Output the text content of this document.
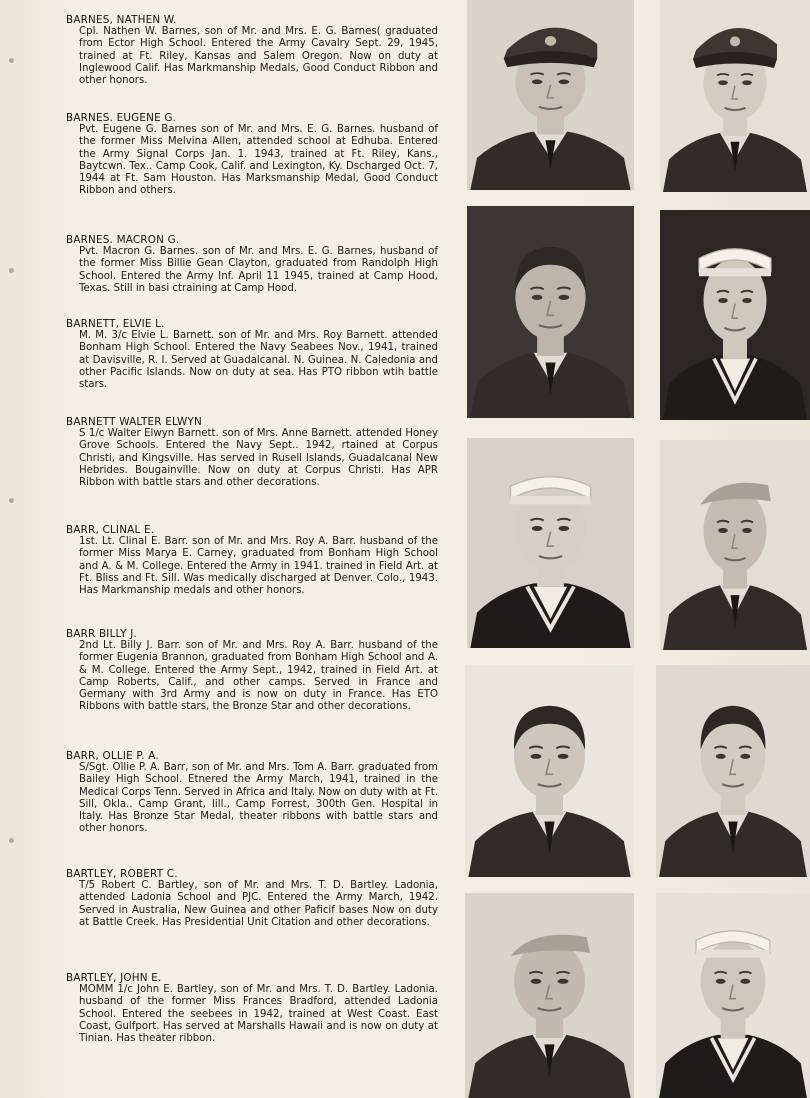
BARNES, NATHEN W.

Cpl. Nathen W. Barnes, son of Mr. and Mrs. E. G. Barnes( graduated from Ector High School. Entered the Army Cavalry Sept. 29, 1945, trained at Ft. Riley, Kansas and Salem Oregon. Now on duty at Inglewood Calif. Has Markmanship Medals, Good Conduct Ribbon and other honors.

BARNES. EUGENE G.

Pvt. Eugene G. Barnes son of Mr. and Mrs. E. G. Barnes. husband of the former Miss Melvina Allen, attended school at Edhuba. Entered the Army Signal Corps Jan. 1. 1943, trained at Ft. Riley, Kans., Baytcwn. Tex.. Camp Cook, Calif. and Lexington, Ky. Dscharged Oct. 7, 1944 at Ft. Sam Houston. Has Marksmanship Medal, Good Conduct Ribbon and others.

BARNES. MACRON G.

Pvt. Macron G. Barnes. son of Mr. and Mrs. E. G. Barnes, husband of the former Miss Billie Gean Clayton, graduated from Randolph High School. Entered the Army Inf. April 11 1945, trained at Camp Hood, Texas. Still in basi ctraining at Camp Hood.

BARNETT, ELVIE L.

M. M. 3/c Elvie L. Barnett. son of Mr. and Mrs. Roy Barnett. attended Bonham High School. Entered the Navy Seabees Nov., 1941, trained at Davisville, R. I. Served at Guadalcanal. N. Guinea. N. Caledonia and other Pacific Islands. Now on duty at sea. Has PTO ribbon wtih battle stars.

BARNETT WALTER ELWYN

S 1/c Walter Elwyn Barnett. son of Mrs. Anne Barnett. attended Honey Grove Schools. Entered the Navy Sept.. 1942, rtained at Corpus Christi, and Kingsville. Has served in Rusell Islands, Guadalcanal New Hebrides. Bougainville. Now on duty at Corpus Christi. Has APR Ribbon with battle stars and other decorations.

BARR, CLINAL E.

1st. Lt. Clinal E. Barr. son of Mr. and Mrs. Roy A. Barr. husband of the former Miss Marya E. Carney, graduated from Bonham High School and A. & M. College. Entered the Army in 1941. trained in Field Art. at Ft. Bliss and Ft. Sill. Was medically discharged at Denver. Colo., 1943. Has Markmanship medals and other honors.

BARR BILLY J.

2nd Lt. Billy J. Barr. son of Mr. and Mrs. Roy A. Barr. husband of the former Eugenia Brannon, graduated from Bonham High School and A. & M. College. Entered the Army Sept., 1942, trained in Field Art. at Camp Roberts, Calif., and other camps. Served in France and Germany with 3rd Army and is now on duty in France. Has ETO Ribbons with battle stars, the Bronze Star and other decorations.

BARR, OLLIE P. A.

S/Sgt. Ollie P. A. Barr, son of Mr. and Mrs. Tom A. Barr. graduated from Bailey High School. Etnered the Army March, 1941, trained in the Medical Corps Tenn. Served in Africa and Italy. Now on duty with at Ft. Sill, Okla.. Camp Grant, Iill., Camp Forrest, 300th Gen. Hospital in Italy. Has Bronze Star Medal, theater ribbons with battle stars and other honors.

BARTLEY, ROBERT C.

T/5 Robert C. Bartley, son of Mr. and Mrs. T. D. Bartley. Ladonia, attended Ladonia School and PJC. Entered the Army March, 1942. Served in Australia, New Guinea and other Paficif bases Now on duty at Battle Creek. Has Presidential Unit Citation and other decorations.

BARTLEY, JOHN E.

MOMM 1/c John E. Bartley, son of Mr. and Mrs. T. D. Bartley. Ladonia. husband of the former Miss Frances Bradford, attended Ladonia School. Entered the seebees in 1942, trained at West Coast. East Coast, Gulfport. Has served at Marshalls Hawaii and is now on duty at Tinian. Has theater ribbon.
